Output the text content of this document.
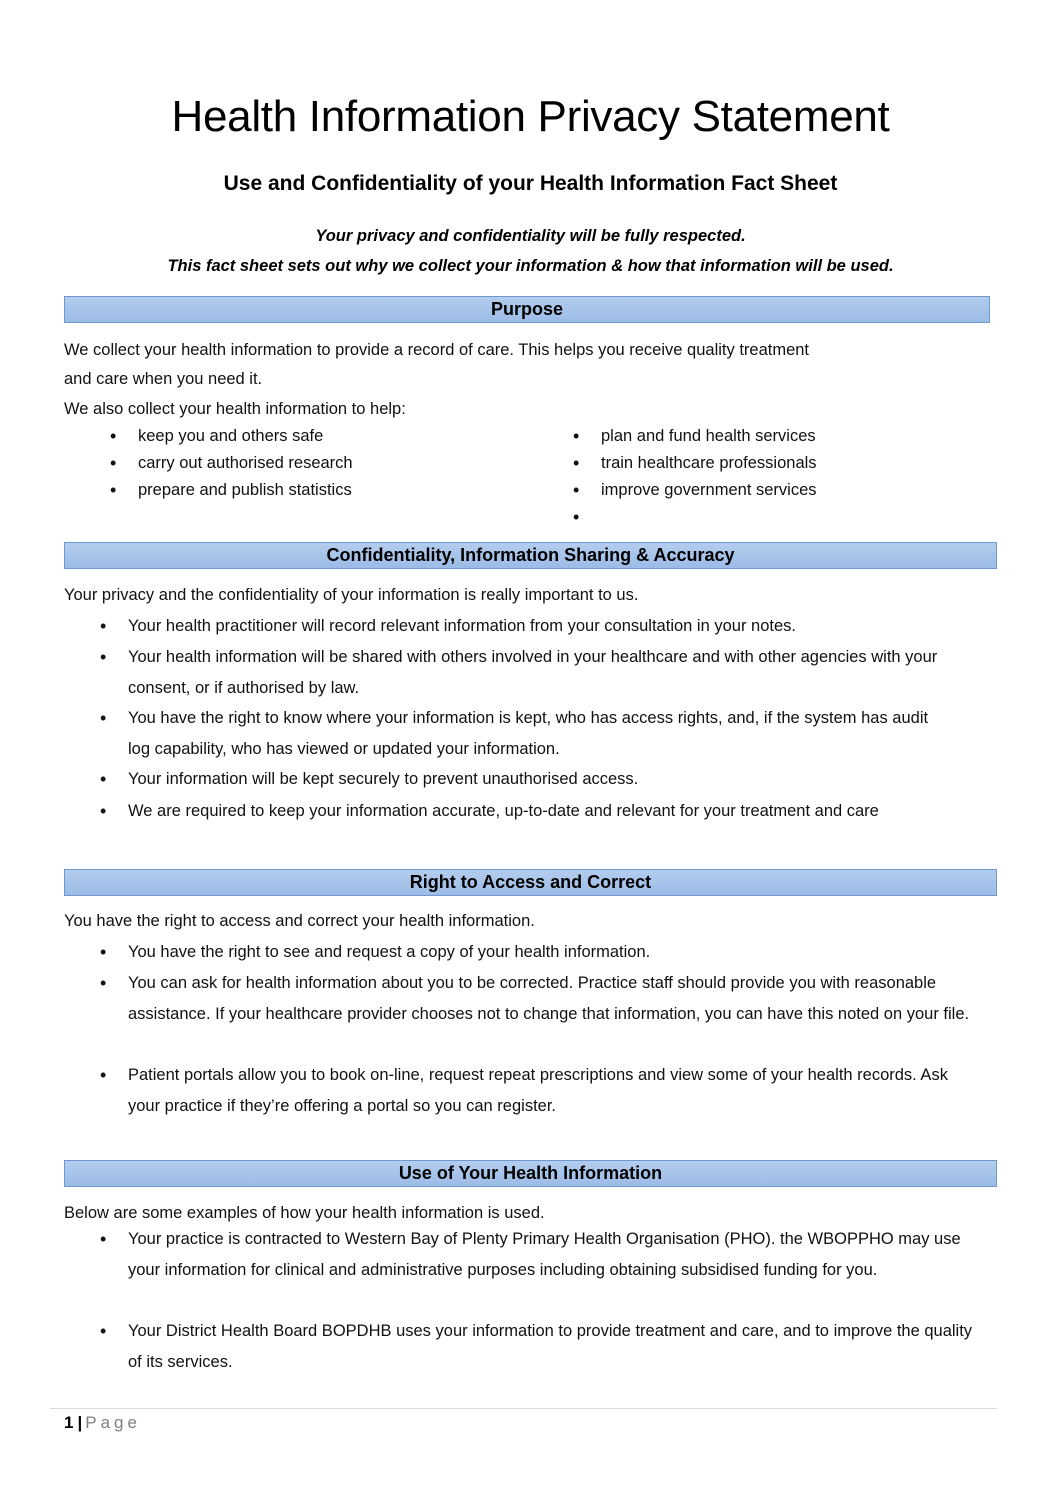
Health Information Privacy Statement
Use and Confidentiality of your Health Information Fact Sheet

Your privacy and confidentiality will be fully respected.

This fact sheet sets out why we collect your information & how that information will be used.

Purpose

We collect your health information to provide a record of care. This helps you receive quality treatment

and care when you need it.

We also collect your health information to help:

• keep you and others safe
• carry out authorised research
• prepare and publish statistics
• plan and fund health services
• train healthcare professionals
• improve government services
•
Confidentiality, Information Sharing & Accuracy

Your privacy and the confidentiality of your information is really important to us.

• Your health practitioner will record relevant information from your consultation in your notes.
• Your health information will be shared with others involved in your healthcare and with other agencies with your consent, or if authorised by law.
• You have the right to know where your information is kept, who has access rights, and, if the system has audit log capability, who has viewed or updated your information.
• Your information will be kept securely to prevent unauthorised access.
• We are required to keep your information accurate, up-to-date and relevant for your treatment and care
Right to Access and Correct

You have the right to access and correct your health information.

• You have the right to see and request a copy of your health information.
• You can ask for health information about you to be corrected. Practice staff should provide you with reasonable assistance. If your healthcare provider chooses not to change that information, you can have this noted on your file.
• Patient portals allow you to book on-line, request repeat prescriptions and view some of your health records. Ask your practice if they’re offering a portal so you can register.
Use of Your Health Information

Below are some examples of how your health information is used.

• Your practice is contracted to Western Bay of Plenty Primary Health Organisation (PHO). the WBOPPHO may use your information for clinical and administrative purposes including obtaining subsidised funding for you.
• Your District Health Board BOPDHB uses your information to provide treatment and care, and to improve the quality of its services.
1 | Page
